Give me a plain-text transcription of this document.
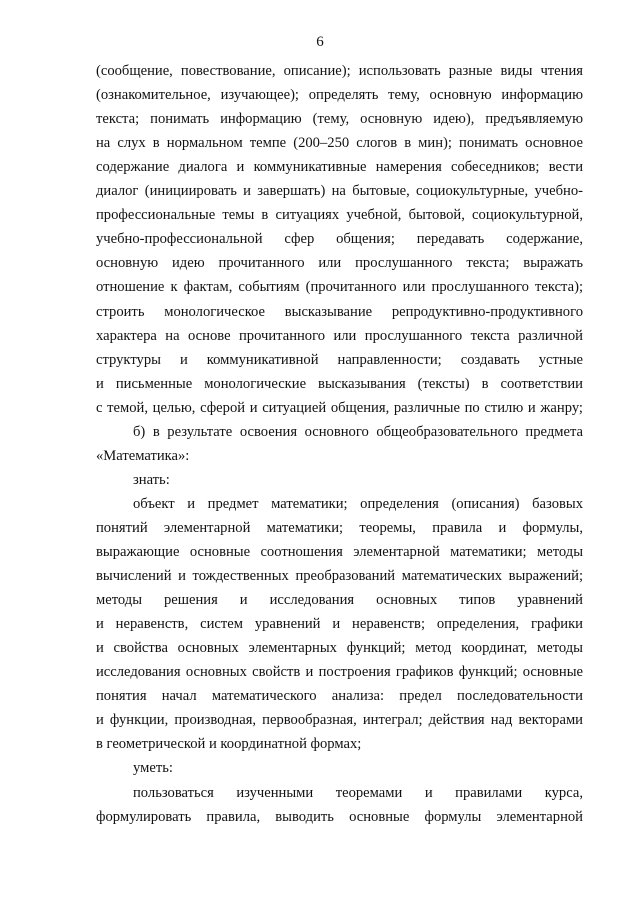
6
(сообщение, повествование, описание); использовать разные виды чтения
(ознакомительное, изучающее); определять тему, основную информацию
текста; понимать информацию (тему, основную идею), предъявляемую
на слух в нормальном темпе (200–250 слогов в мин); понимать основное
содержание диалога и коммуникативные намерения собеседников; вести
диалог (инициировать и завершать) на бытовые, социокультурные, учебно-
профессиональные темы в ситуациях учебной, бытовой, социокультурной,
учебно-профессиональной сфер общения; передавать содержание,
основную идею прочитанного или прослушанного текста; выражать
отношение к фактам, событиям (прочитанного или прослушанного текста);
строить монологическое высказывание репродуктивно-продуктивного
характера на основе прочитанного или прослушанного текста различной
структуры и коммуникативной направленности; создавать устные
и письменные монологические высказывания (тексты) в соответствии
с темой, целью, сферой и ситуацией общения, различные по стилю и жанру;
б) в результате освоения основного общеобразовательного предмета
«Математика»:
знать:
объект и предмет математики; определения (описания) базовых
понятий элементарной математики; теоремы, правила и формулы,
выражающие основные соотношения элементарной математики; методы
вычислений и тождественных преобразований математических выражений;
методы решения и исследования основных типов уравнений
и неравенств, систем уравнений и неравенств; определения, графики
и свойства основных элементарных функций; метод координат, методы
исследования основных свойств и построения графиков функций; основные
понятия начал математического анализа: предел последовательности
и функции, производная, первообразная, интеграл; действия над векторами
в геометрической и координатной формах;
уметь:
пользоваться изученными теоремами и правилами курса,
формулировать правила, выводить основные формулы элементарной
